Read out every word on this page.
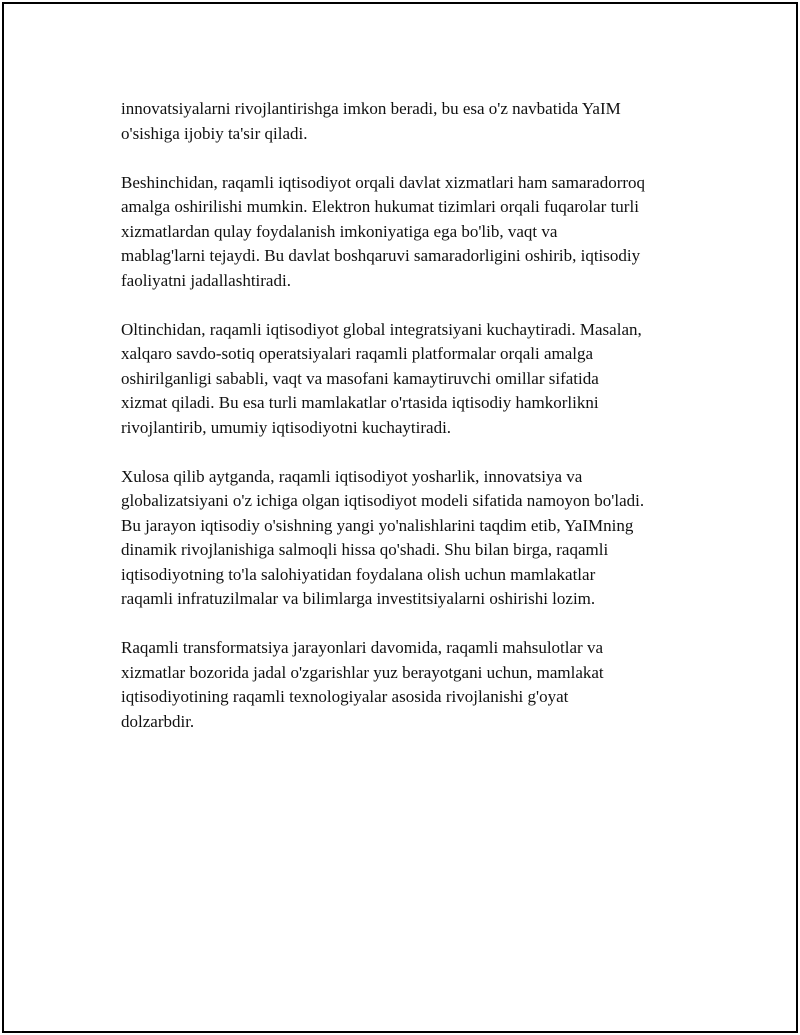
innovatsiyalarni rivojlantirishga imkon beradi, bu esa o'z navbatida YaIM
o'sishiga ijobiy ta'sir qiladi.

Beshinchidan, raqamli iqtisodiyot orqali davlat xizmatlari ham samaradorroq
amalga oshirilishi mumkin. Elektron hukumat tizimlari orqali fuqarolar turli
xizmatlardan qulay foydalanish imkoniyatiga ega bo'lib, vaqt va
mablag'larni tejaydi. Bu davlat boshqaruvi samaradorligini oshirib, iqtisodiy
faoliyatni jadallashtiradi.

Oltinchidan, raqamli iqtisodiyot global integratsiyani kuchaytiradi. Masalan,
xalqaro savdo-sotiq operatsiyalari raqamli platformalar orqali amalga
oshirilganligi sababli, vaqt va masofani kamaytiruvchi omillar sifatida
xizmat qiladi. Bu esa turli mamlakatlar o'rtasida iqtisodiy hamkorlikni
rivojlantirib, umumiy iqtisodiyotni kuchaytiradi.

Xulosa qilib aytganda, raqamli iqtisodiyot yosharlik, innovatsiya va
globalizatsiyani o'z ichiga olgan iqtisodiyot modeli sifatida namoyon bo'ladi.
Bu jarayon iqtisodiy o'sishning yangi yo'nalishlarini taqdim etib, YaIMning
dinamik rivojlanishiga salmoqli hissa qo'shadi. Shu bilan birga, raqamli
iqtisodiyotning to'la salohiyatidan foydalana olish uchun mamlakatlar
raqamli infratuzilmalar va bilimlarga investitsiyalarni oshirishi lozim.

Raqamli transformatsiya jarayonlari davomida, raqamli mahsulotlar va
xizmatlar bozorida jadal o'zgarishlar yuz berayotgani uchun, mamlakat
iqtisodiyotining raqamli texnologiyalar asosida rivojlanishi g'oyat
dolzarbdir.
